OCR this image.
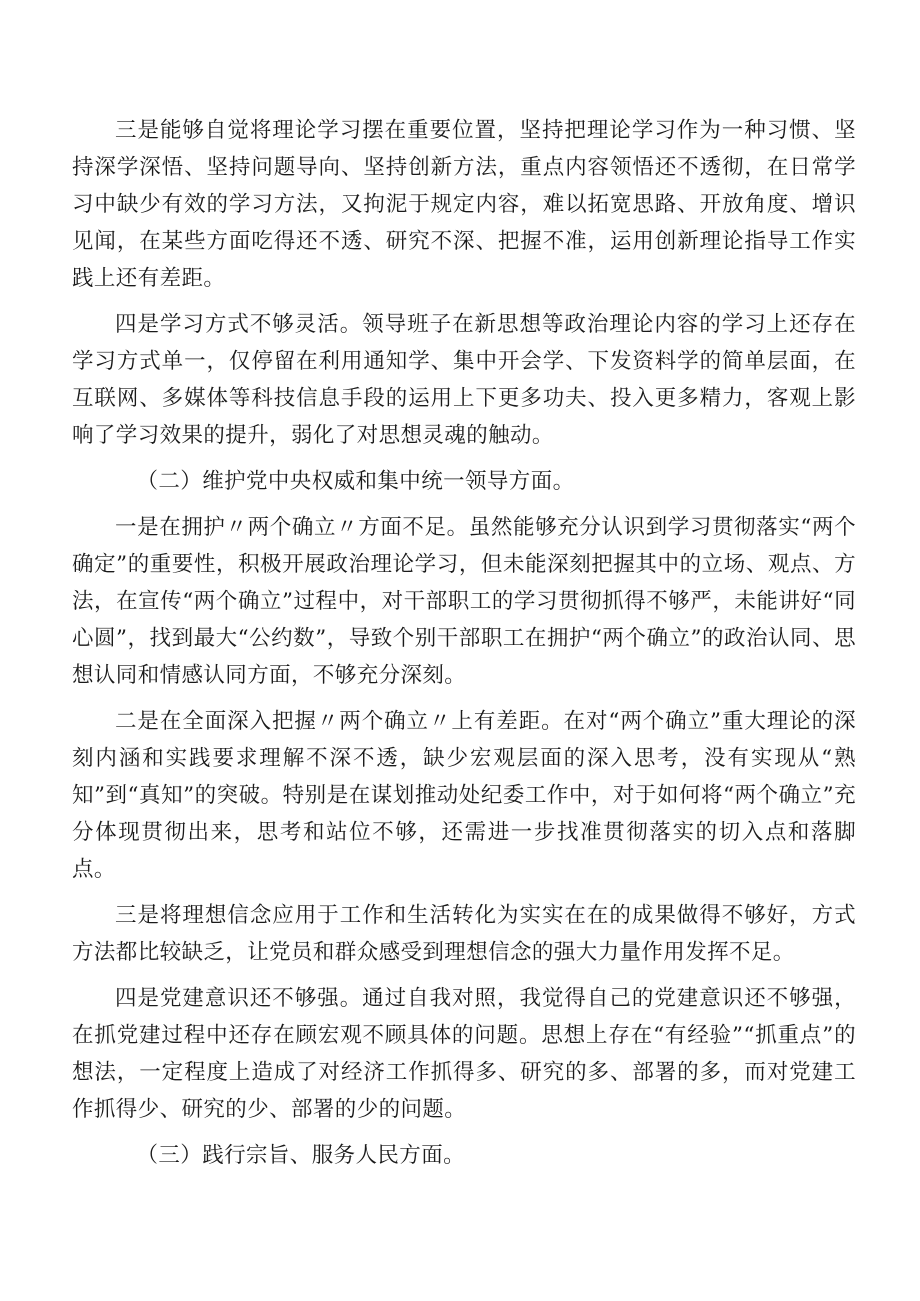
三是能够自觉将理论学习摆在重要位置，坚持把理论学习作为一种习惯、坚持深学深悟、坚持问题导向、坚持创新方法，重点内容领悟还不透彻，在日常学习中缺少有效的学习方法，又拘泥于规定内容，难以拓宽思路、开放角度、增识见闻，在某些方面吃得还不透、研究不深、把握不准，运用创新理论指导工作实践上还有差距。

四是学习方式不够灵活。领导班子在新思想等政治理论内容的学习上还存在学习方式单一，仅停留在利用通知学、集中开会学、下发资料学的简单层面，在互联网、多媒体等科技信息手段的运用上下更多功夫、投入更多精力，客观上影响了学习效果的提升，弱化了对思想灵魂的触动。

（二）维护党中央权威和集中统一领导方面。

一是在拥护〃两个确立〃方面不足。虽然能够充分认识到学习贯彻落实“两个确定”的重要性，积极开展政治理论学习，但未能深刻把握其中的立场、观点、方法，在宣传“两个确立”过程中，对干部职工的学习贯彻抓得不够严，未能讲好“同心圆”，找到最大“公约数”，导致个别干部职工在拥护“两个确立”的政治认同、思想认同和情感认同方面，不够充分深刻。

二是在全面深入把握〃两个确立〃上有差距。在对“两个确立”重大理论的深刻内涵和实践要求理解不深不透，缺少宏观层面的深入思考，没有实现从“熟知”到“真知”的突破。特别是在谋划推动处纪委工作中，对于如何将“两个确立”充分体现贯彻出来，思考和站位不够，还需进一步找准贯彻落实的切入点和落脚点。

三是将理想信念应用于工作和生活转化为实实在在的成果做得不够好，方式方法都比较缺乏，让党员和群众感受到理想信念的强大力量作用发挥不足。

四是党建意识还不够强。通过自我对照，我觉得自己的党建意识还不够强，在抓党建过程中还存在顾宏观不顾具体的问题。思想上存在“有经验”“抓重点”的想法，一定程度上造成了对经济工作抓得多、研究的多、部署的多，而对党建工作抓得少、研究的少、部署的少的问题。

（三）践行宗旨、服务人民方面。
